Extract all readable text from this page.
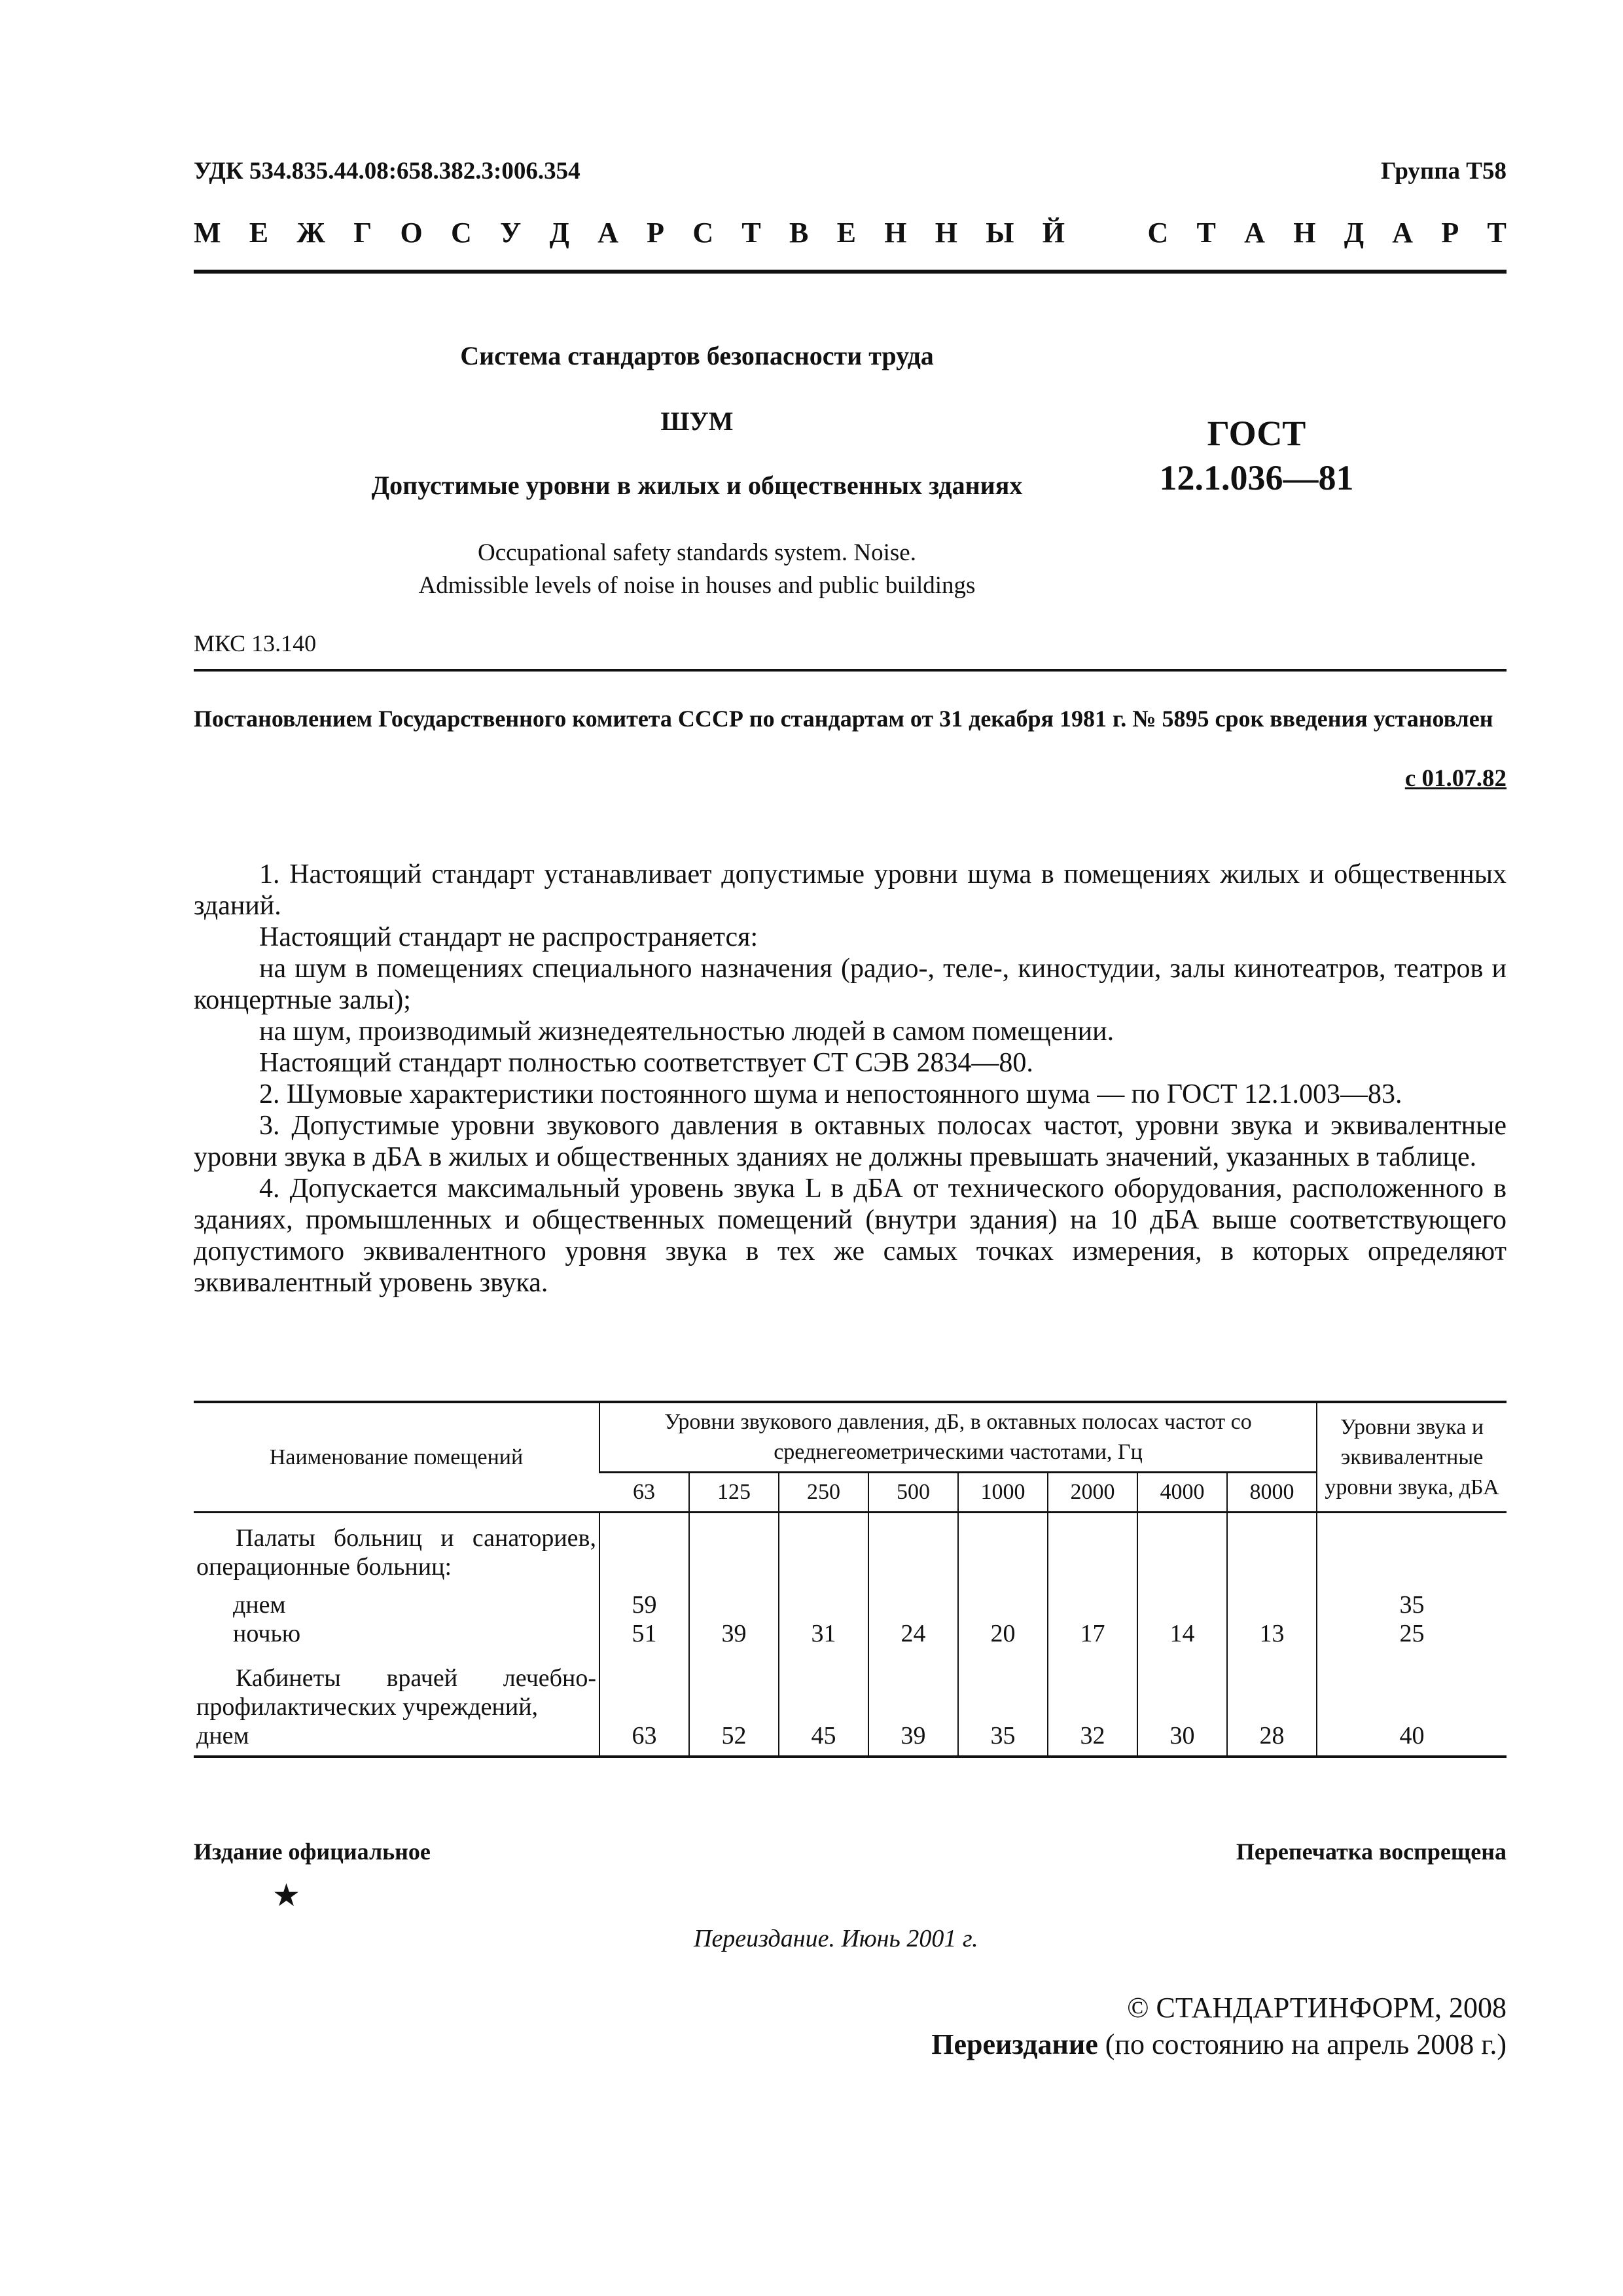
УДК 534.835.44.08:658.382.3:006.354	Группа Т58
М Е Ж Г О С У Д А Р С Т В Е Н Н Ы Й	С Т А Н Д А Р Т
Система стандартов безопасности труда
ШУМ
Допустимые уровни в жилых и общественных зданиях
Occupational safety standards system. Noise.
Admissible levels of noise in houses and public buildings
ГОСТ
12.1.036—81
МКС 13.140
Постановлением Государственного комитета СССР по стандартам от 31 декабря 1981 г. № 5895 срок введения установлен
с 01.07.82

1. Настоящий стандарт устанавливает допустимые уровни шума в помещениях жилых и общественных зданий.

Настоящий стандарт не распространяется:

на шум в помещениях специального назначения (радио-, теле-, киностудии, залы кинотеатров, театров и концертные залы);

на шум, производимый жизнедеятельностью людей в самом помещении.

Настоящий стандарт полностью соответствует СТ СЭВ 2834—80.

2. Шумовые характеристики постоянного шума и непостоянного шума — по ГОСТ 12.1.003—83.

3. Допустимые уровни звукового давления в октавных полосах частот, уровни звука и эквивалентные уровни звука в дБА в жилых и общественных зданиях не должны превышать значений, указанных в таблице.

4. Допускается максимальный уровень звука L в дБА от технического оборудования, расположенного в зданиях, промышленных и общественных помещений (внутри здания) на 10 дБА выше соответствующего допустимого эквивалентного уровня звука в тех же самых точках измерения, в которых определяют эквивалентный уровень звука.

Наименование помещений	Уровни звукового давления, дБ, в октавных полосах частот со среднегеометрическими частотами, Гц								Уровни звука и эквивалентные уровни звука, дБА
	63	125	250	500	1000	2000	4000	8000	
Палаты больниц и санаториев, операционные больниц:									
днем	59								35
ночью	51	39	31	24	20	17	14	13	25
Кабинеты врачей лечебно-профилактических учреждений,									
днем	63	52	45	39	35	32	30	28	40
Издание официальное	Перепечатка воспрещена
★
Переиздание. Июнь 2001 г.
© СТАНДАРТИНФОРМ, 2008
Переиздание (по состоянию на апрель 2008 г.)
